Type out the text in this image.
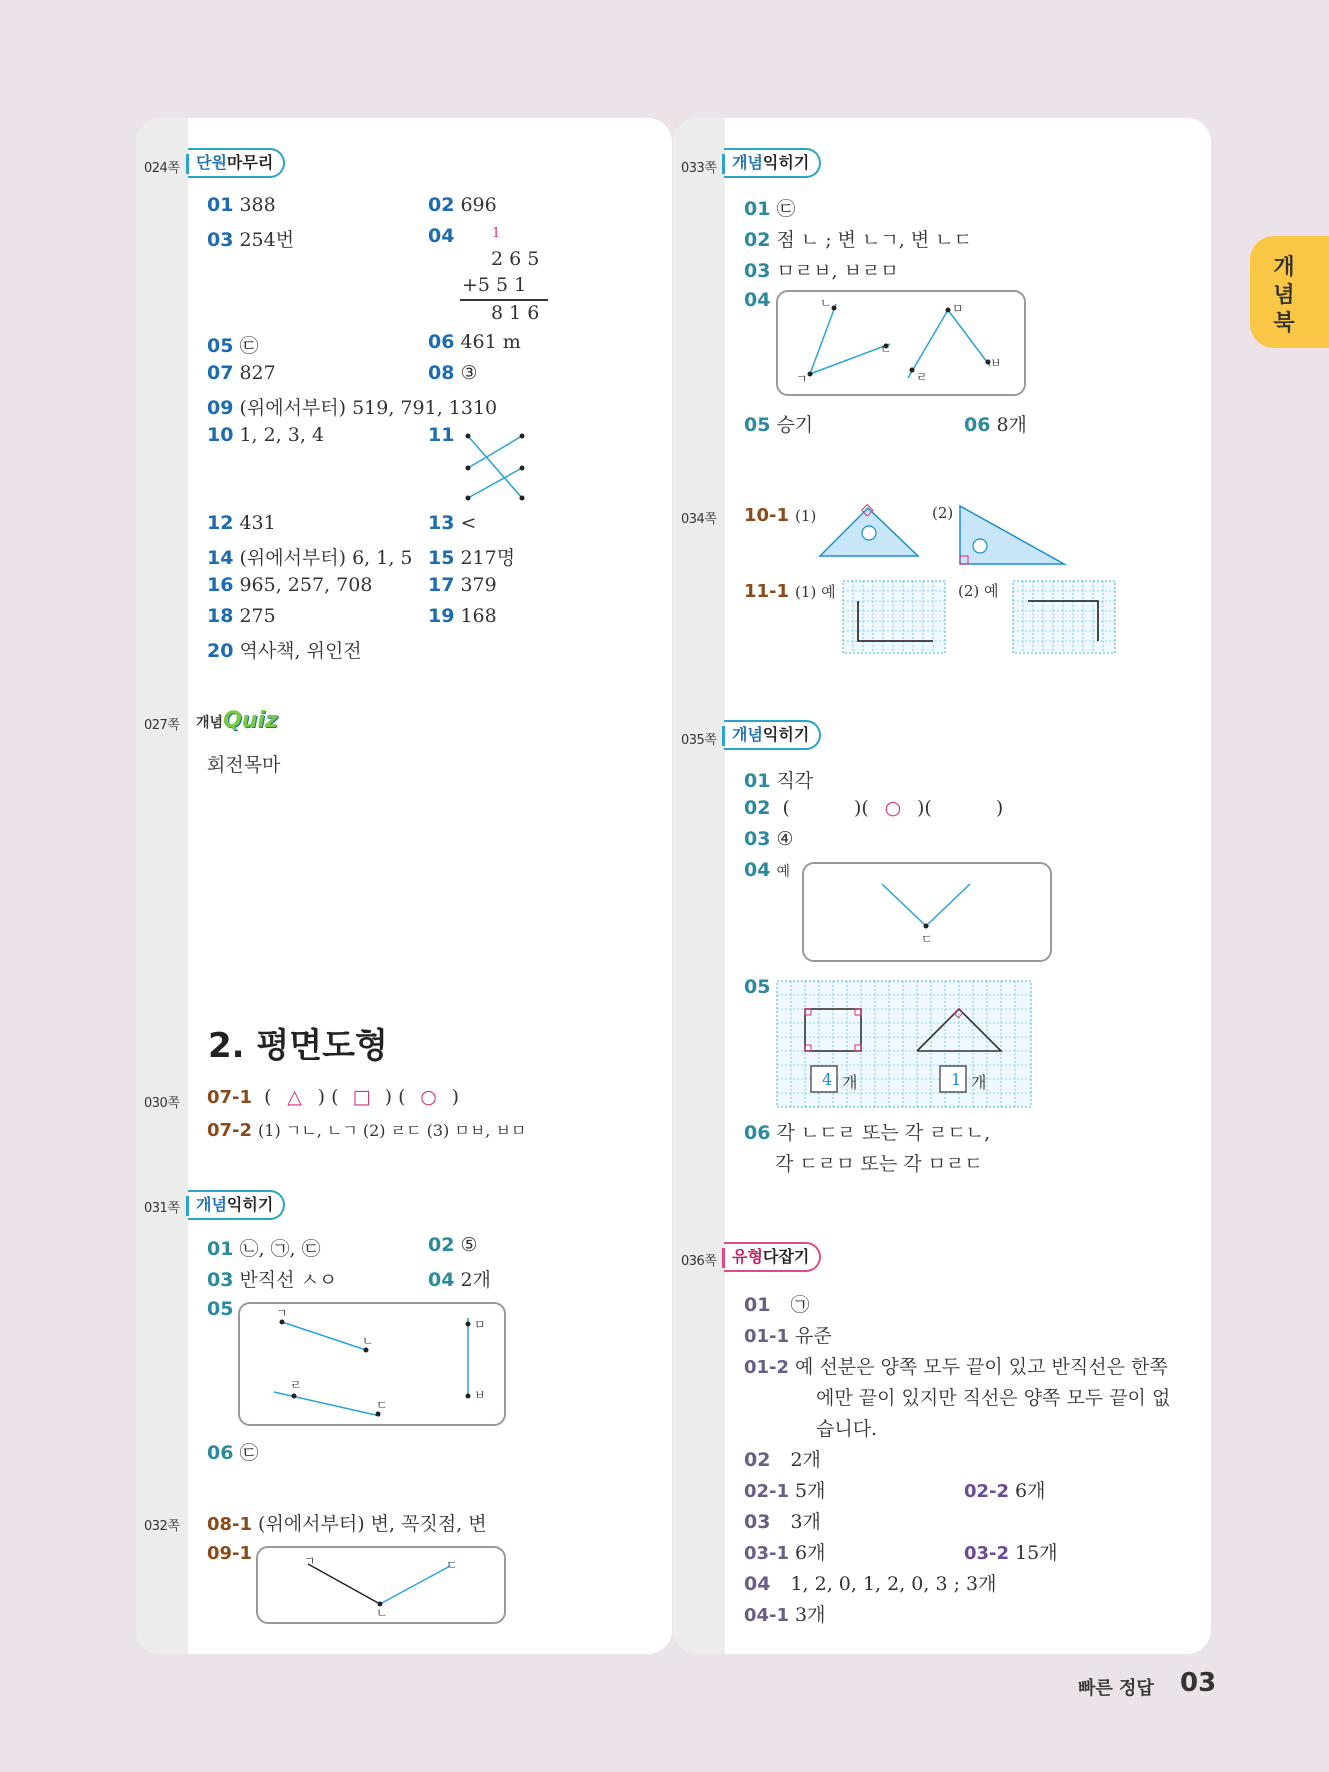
개
념
북
024쪽	단원마무리
01 388	02 696
03 254번	04	1
2 6 5
+5 5 1
8 1 6
05 ㉢	06 461 m
07 827	08 ③
09 (위에서부터) 519, 791, 1310
10 1, 2, 3, 4	11
12 431	13 <
14 (위에서부터) 6, 1, 5 15 217명
16 965, 257, 708	17 379
18 275	19 168
20 역사책, 위인전
027쪽 개념Quiz
회전목마
2. 평면도형
030쪽 07-1 ( △ ) ( □ ) ( ○ )
07-2 (1) ㄱㄴ, ㄴㄱ (2) ㄹㄷ (3) ㅁㅂ, ㅂㅁ
031쪽	개념익히기
01 ㉡, ㉠, ㉢	02 ⑤
03 반직선 ㅅㅇ	04 2개
05	ㄱ
ㄴ
ㅁ
ㄹ
ㄷ
ㅂ
06 ㉢
032쪽 08-1 (위에서부터) 변, 꼭짓점, 변
09-1	ㄱ
ㄴ
ㄷ
033쪽 개념익히기
01 ㉢
02 점 ㄴ ; 변 ㄴㄱ, 변 ㄴㄷ
03 ㅁㄹㅂ, ㅂㄹㅁ
04	ㄴ
ㄷ
ㄱ
ㅁ
ㄹ
ㅂ
05 승기	06 8개
034쪽 10-1 (1)	(2)
11-1 (1) 예	(2) 예
035쪽 개념익히기
01 직각
02 (	)( ○ )(	)
03 ④
04 예
ㄷ
05
4 개	1 개
06 각 ㄴㄷㄹ 또는 각 ㄹㄷㄴ,
각 ㄷㄹㅁ 또는 각 ㅁㄹㄷ
036쪽 유형다잡기
01 ㉠
01-1 유준
01-2 예 선분은 양쪽 모두 끝이 있고 반직선은 한쪽
에만 끝이 있지만 직선은 양쪽 모두 끝이 없
습니다.
02 2개
02-1 5개	02-2 6개
03 3개
03-1 6개	03-2 15개
04 1, 2, 0, 1, 2, 0, 3 ; 3개
04-1 3개
빠른 정답 03
